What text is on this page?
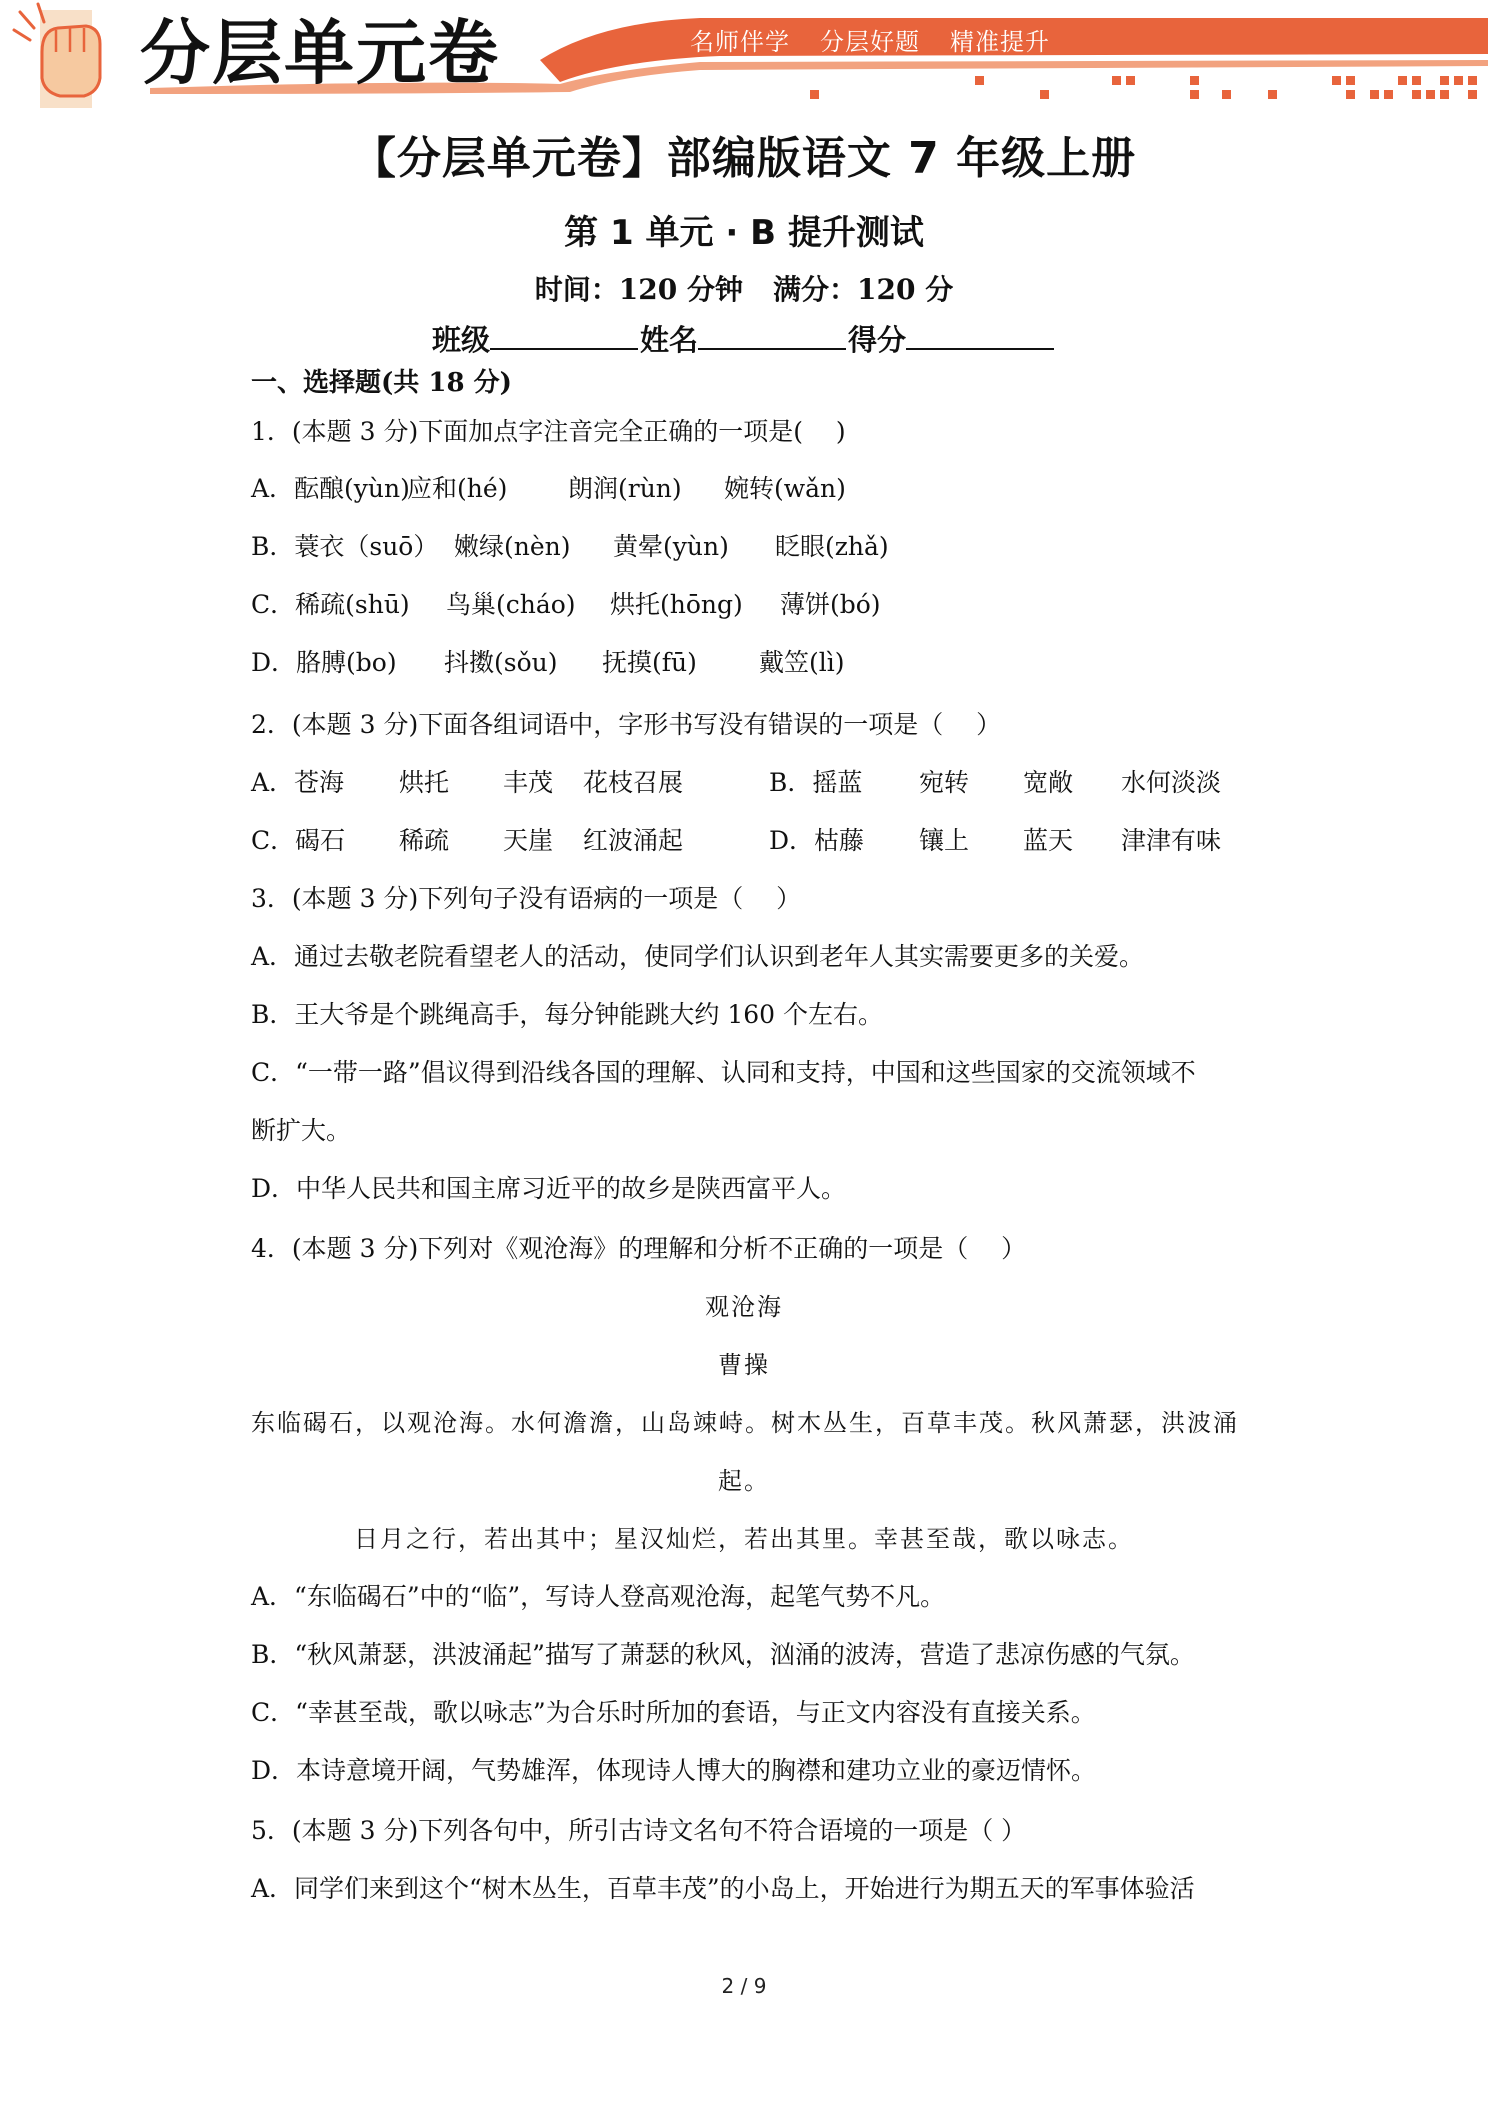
分层单元卷	名师伴学 分层好题 精准提升
【分层单元卷】部编版语文 7 年级上册
第 1 单元 · B 提升测试
时间：120 分钟 满分：120 分
班级	姓名	得分
一、选择题(共 18 分)
1．(本题 3 分)下面加点字注音完全正确的一项是(　 )
A．酝酿(yùn)应和(hé) 朗润(rùn) 婉转(wǎn)
B．蓑衣（suō） 嫩绿(nèn) 黄晕(yùn) 眨眼(zhǎ)
C．稀疏(shū) 鸟巢(cháo) 烘托(hōng) 薄饼(bó)
D．胳膊(bo) 抖擞(sǒu) 抚摸(fū) 戴笠(lì)
2．(本题 3 分)下面各组词语中，字形书写没有错误的一项是（　 ）
A．苍海 烘托 丰茂 花枝召展	B．摇蓝 宛转 宽敞 水何淡淡
C．碣石 稀疏 天崖 红波涌起	D．枯藤 镶上 蓝天 津津有味
3．(本题 3 分)下列句子没有语病的一项是（　 ）
A．通过去敬老院看望老人的活动，使同学们认识到老年人其实需要更多的关爱。
B．王大爷是个跳绳高手，每分钟能跳大约 160 个左右。
C．“一带一路”倡议得到沿线各国的理解、认同和支持，中国和这些国家的交流领域不
断扩大。
D．中华人民共和国主席习近平的故乡是陕西富平人。
4．(本题 3 分)下列对《观沧海》的理解和分析不正确的一项是（　 ）
观沧海
曹操
东临碣石，以观沧海。水何澹澹，山岛竦峙。树木丛生，百草丰茂。秋风萧瑟，洪波涌
起。
日月之行，若出其中；星汉灿烂，若出其里。幸甚至哉，歌以咏志。
A．“东临碣石”中的“临”，写诗人登高观沧海，起笔气势不凡。
B．“秋风萧瑟，洪波涌起”描写了萧瑟的秋风，汹涌的波涛，营造了悲凉伤感的气氛。
C．“幸甚至哉，歌以咏志”为合乐时所加的套语，与正文内容没有直接关系。
D．本诗意境开阔，气势雄浑，体现诗人博大的胸襟和建功立业的豪迈情怀。
5．(本题 3 分)下列各句中，所引古诗文名句不符合语境的一项是（ ）
A．同学们来到这个“树木丛生，百草丰茂”的小岛上，开始进行为期五天的军事体验活
2 / 9
